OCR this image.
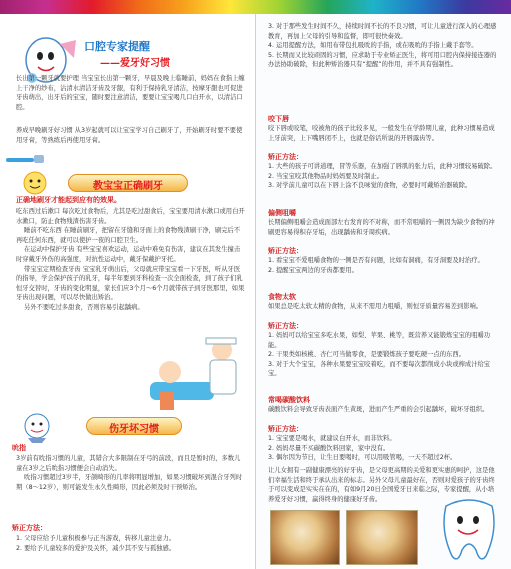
口腔专家提醒
——爱牙好习惯
长出第一颗牙就要护理 当宝宝长出第一颗牙，早晨及晚上临睡前，妈妈在食指上缠上干净的纱布，沾清水清洁牙齿及牙龈，有利于保持乳牙清洁，按摩牙龈也可促进牙齿萌出，出牙后的宝宝，随时要注意清洁，要要让宝宝喝几口白开水，以清洁口腔。
养成早晚刷牙好习惯 从3岁起就可以让宝宝学习自己刷牙了，开始刷牙时要不要使用牙膏，等熟练后再使用牙膏。
教宝宝正确刷牙
正确地刷牙才能起到应有的效果。
吃东西过后漱口 每次吃过食物后，尤其是吃过甜食后，宝宝要用清水漱口或用白开水漱口，防止食物残渣伤害牙齿。
睡前不吃东西 在睡前刷牙，把留在牙缝和牙面上的食物残渣刷干净，刷完后不再吃任何东西，就可以使护一夜的口腔卫生。
在运动中保护牙齿 有些宝宝喜欢运动，运动中难免有伤害，建议在其发生撞击时穿戴牙外伤的高强度，对抗性运动中，戴牙保戴护牙托。
带宝宝定期检查牙齿 宝宝乳牙萌出后，父母就应带宝宝看一下牙医，听从牙医的指导，学会保护孩子的乳牙，每半年要到牙科检查一次全面检查，到了孩子们乳恒牙交替时，牙齿的变化明显，家长们应3个月～6个月就带孩子到牙医那里，如果牙齿出现问题，可以尽快做出矫治。
另外不要吃过多甜食，否则容易引起龋病。
伤牙坏习惯
吮指
3岁前有吮指习惯的儿童，其错合大多限制在牙弓的前段，而且是暂时的，多数儿童在3岁之后吮指习惯便会自动消失。
吮指习惯超过3岁半，牙颌畸形的几率将明显增加，如果习惯破坏到混合牙列时期（8～12岁），则可能发生永久性畸形，因此必须及时干预矫治。
矫正方法：
1. 父母应给予儿童积极参与正当游戏，转移儿童注意力。
2. 要给予儿童较多的爱护及关怀，减少其不安与孤独感。
3. 对于那些发生时间不久，持续时间不长的不良习惯，可让儿童进行深入的心理感教育，再加上父母的引导和监督，即可很快奏效。
4. 运用提醒方法，如用布带包扎吸吮的手指，或在吸吮的手指上戴手套等。
5. 长期而又比较顽固的习惯，应求助于专业矫正医生，将可用口腔内保持接连器的办法协助破除，但此种矫治器只有“提醒”的作用，并不具有强制性。
咬下唇
咬下唇或咬笔，咬被角的孩子比较多见，一般发生在学龄期儿童，此种习惯易造成上牙前突，上下嘴唇闭不上，也就是俗话所说的开唇露齿等。
矫正方法：
1. 大些的孩子可讲道理，冒等乐器，在加强了唇肌的张力后，此种习惯较易破除。
2. 当宝宝咬其他物品时妈妈要及时制止。
3. 对学前儿童可以在下唇上涂不良味觉的食物，必要时可戴矫治器破除。
偏侧咀嚼
长期偏侧咀嚼会造成面部左右发育的不对称，而不常咀嚼的一侧因为缺少食物的冲刷更容易得积存牙垢，出现龋齿和牙周疾病。
矫正方法：
1. 看宝宝不爱咀嚼食物的一侧是否有问题，比如有洞痛，有牙洞要及时治疗。
2. 提醒宝宝两边的牙齿都要用。
食物太软
如果总是吃太软太精的食物，从来不需用力咀嚼，则恒牙质量容易差到影响。
矫正方法：
1. 妈妈可以给宝宝多吃水果，如梨、苹果、桃等，既营养又能锻炼宝宝的咀嚼功能。
2. 干果类如核桃、杏仁可当做零食，是要锻炼孩子要吃硬一点的东西。
3. 对于大个宝宝，各种水果要宝宝咬着吃，而不要每次都削成小块或榨成汁给宝宝。
常喝碳酸饮料
碳酸饮料会导致牙齿表面产生黄斑，进而产生严重的会引起龋坏，破坏牙组织。
矫正方法：
1. 宝宝要是喝水，就建议白开水，而非饮料。
2. 妈妈尽量不买碳酸饮料回家，家中没有。
3. 偶尔因为节日，让生日要喝时，可以用吸管喝，一天不超过2杯。
让儿女拥有一副健康漂亮的好牙齿，是父母更高期的关爱和更实惠的呵护，这是他们幸福生活和终于承认出来的标志。另外父母儿童最好在，否则对爱孩子的牙齿终于可以变成是实实在在的，有如9月20日全国爱牙日来临之际，专家提醒，从小培养爱牙好习惯，赢得终身的健康好牙齿。
